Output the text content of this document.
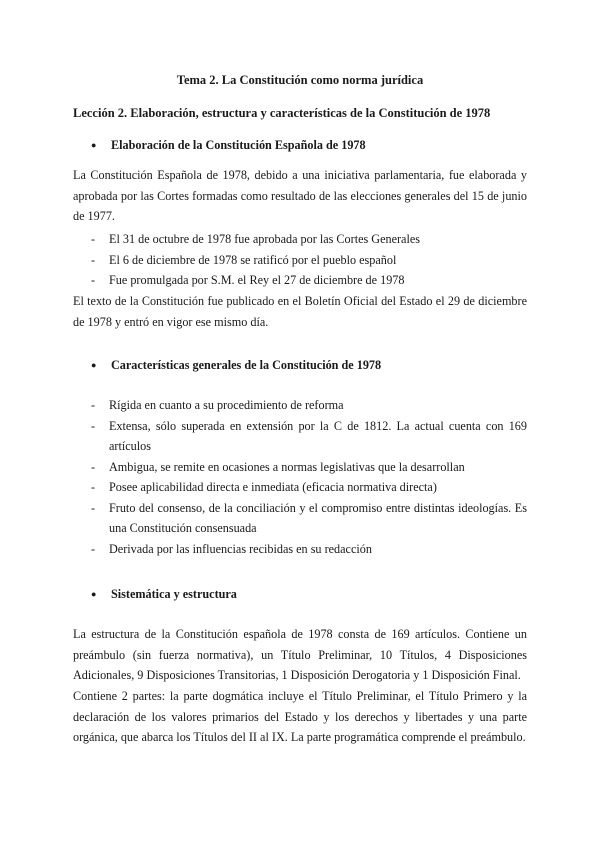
Tema 2. La Constitución como norma jurídica
Lección 2. Elaboración, estructura y características de la Constitución de 1978
●	Elaboración de la Constitución Española de 1978

La Constitución Española de 1978, debido a una iniciativa parlamentaria, fue elaborada y aprobada por las Cortes formadas como resultado de las elecciones generales del 15 de junio de 1977.

- El 31 de octubre de 1978 fue aprobada por las Cortes Generales
- El 6 de diciembre de 1978 se ratificó por el pueblo español
- Fue promulgada por S.M. el Rey el 27 de diciembre de 1978

El texto de la Constitución fue publicado en el Boletín Oficial del Estado el 29 de diciembre de 1978 y entró en vigor ese mismo día.

●	Características generales de la Constitución de 1978
- Rígida en cuanto a su procedimiento de reforma
- Extensa, sólo superada en extensión por la C de 1812. La actual cuenta con 169 artículos
- Ambigua, se remite en ocasiones a normas legislativas que la desarrollan
- Posee aplicabilidad directa e inmediata (eficacia normativa directa)
- Fruto del consenso, de la conciliación y el compromiso entre distintas ideologías. Es una Constitución consensuada
- Derivada por las influencias recibidas en su redacción
●	Sistemática y estructura

La estructura de la Constitución española de 1978 consta de 169 artículos. Contiene un preámbulo (sin fuerza normativa), un Título Preliminar, 10 Títulos, 4 Disposiciones Adicionales, 9 Disposiciones Transitorias, 1 Disposición Derogatoria y 1 Disposición Final.

Contiene 2 partes: la parte dogmática incluye el Título Preliminar, el Título Primero y la declaración de los valores primarios del Estado y los derechos y libertades y una parte orgánica, que abarca los Títulos del II al IX. La parte programática comprende el preámbulo.
